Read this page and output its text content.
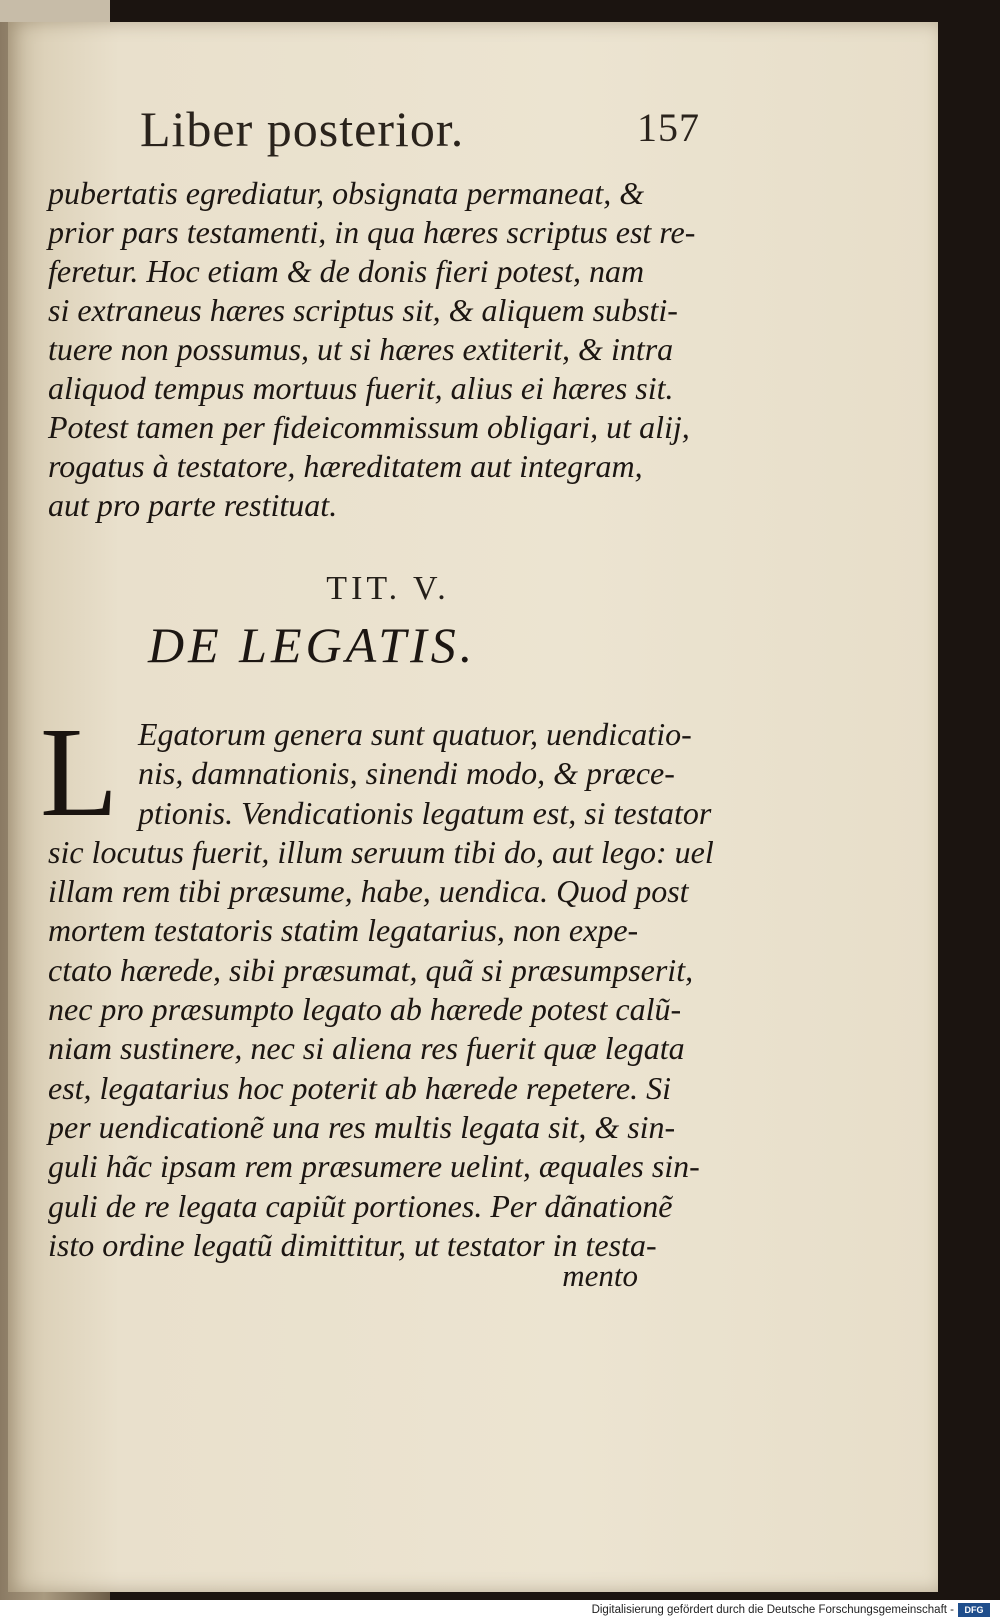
Liber posterior.	157
pubertatis egrediatur, obsignata permaneat, &
prior pars testamenti, in qua hæres scriptus est re-
feretur. Hoc etiam & de donis fieri potest, nam
si extraneus hæres scriptus sit, & aliquem substi-
tuere non possumus, ut si hæres extiterit, & intra
aliquod tempus mortuus fuerit, alius ei hæres sit.
Potest tamen per fideicommissum obligari, ut alij,
rogatus à testatore, hæreditatem aut integram,
aut pro parte restituat.
TIT. V.
DE LEGATIS.
L Egatorum genera sunt quatuor, uendicatio-
nis, damnationis, sinendi modo, & præce-
ptionis. Vendicationis legatum est, si testator
sic locutus fuerit, illum seruum tibi do, aut lego: uel
illam rem tibi præsume, habe, uendica. Quod post
mortem testatoris statim legatarius, non expe-
ctato hærede, sibi præsumat, quã si præsumpserit,
nec pro præsumpto legato ab hærede potest calũ-
niam sustinere, nec si aliena res fuerit quæ legata
est, legatarius hoc poterit ab hærede repetere. Si
per uendicationẽ una res multis legata sit, & sin-
guli hãc ipsam rem præsumere uelint, æquales sin-
guli de re legata capiũt portiones. Per dãnationẽ
isto ordine legatũ dimittitur, ut testator in testa-
mento
Digitalisierung gefördert durch die Deutsche Forschungsgemeinschaft -	DFG
